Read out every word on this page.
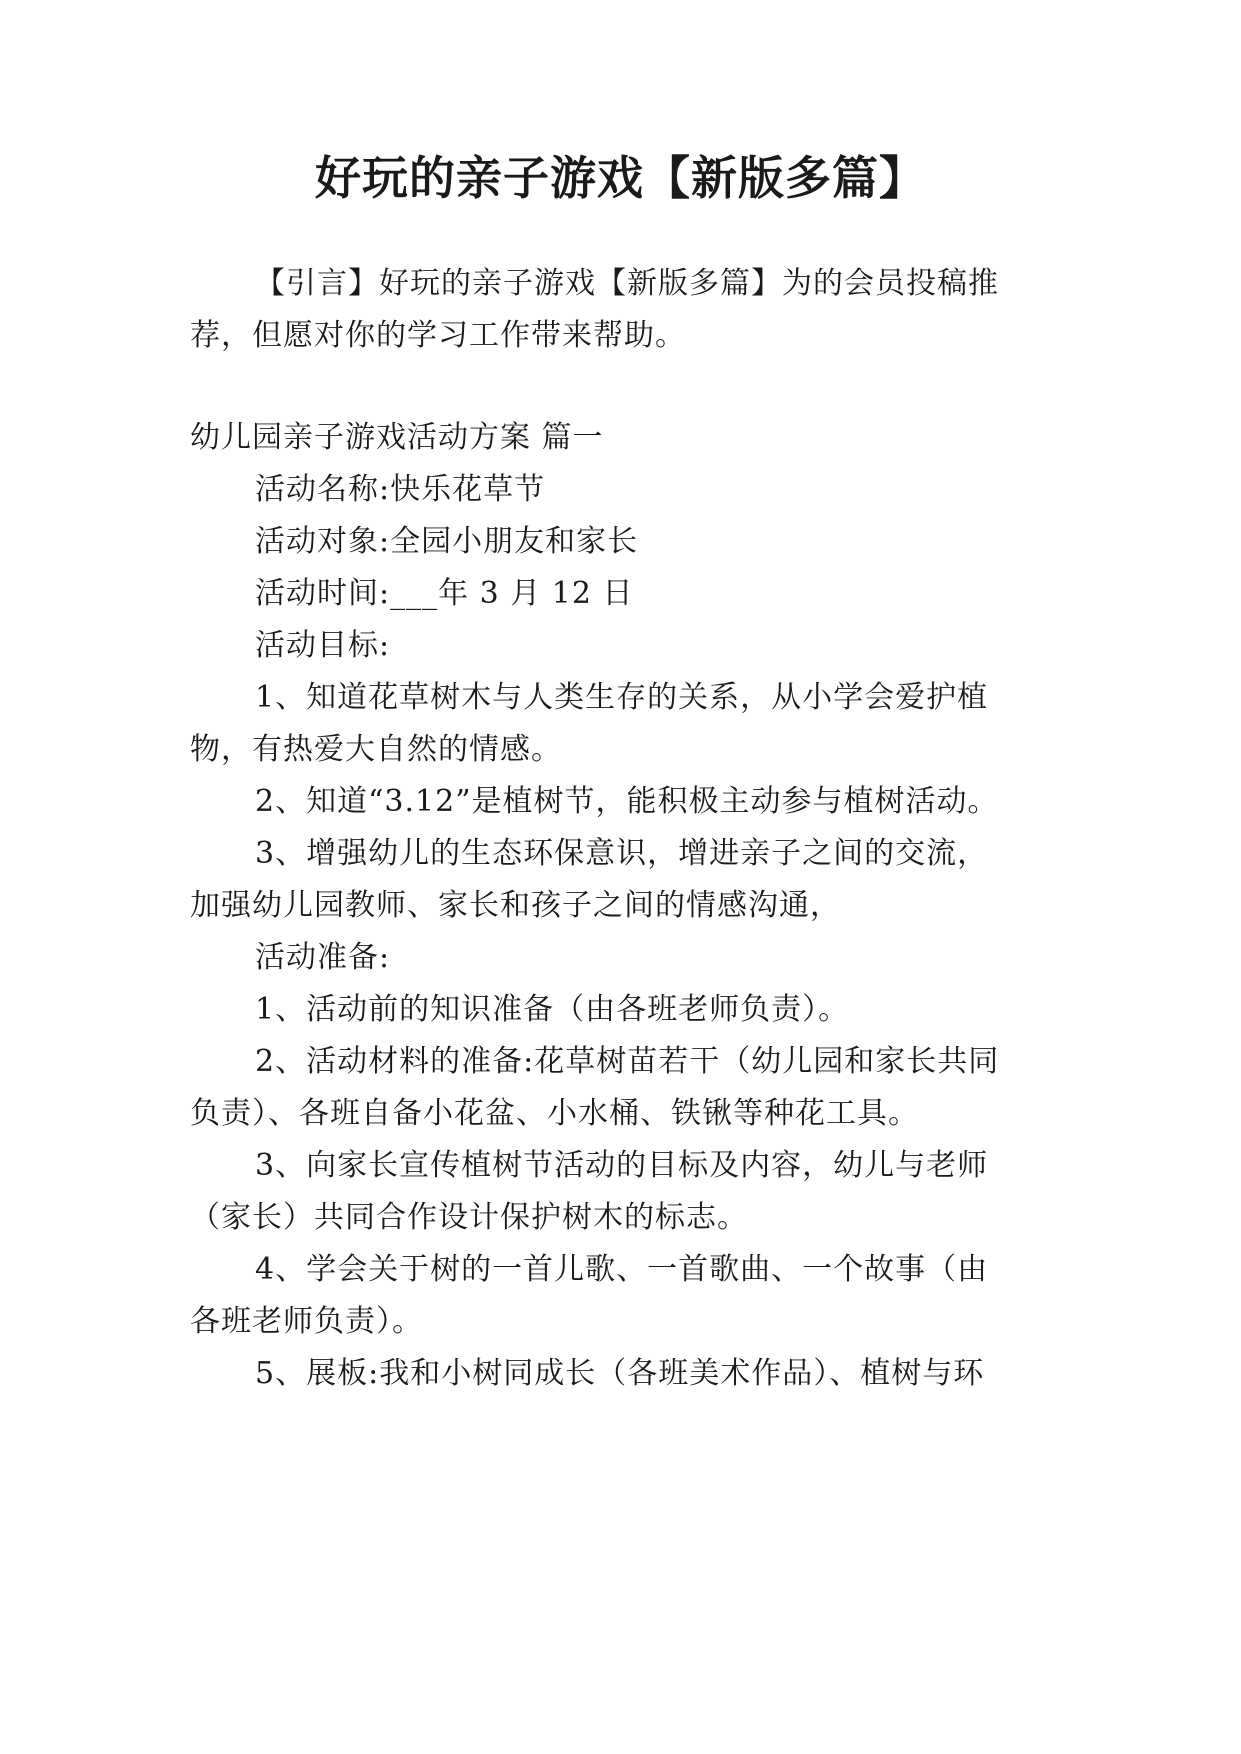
好玩的亲子游戏【新版多篇】
【引言】好玩的亲子游戏【新版多篇】为的会员投稿推
荐，但愿对你的学习工作带来帮助。
幼儿园亲子游戏活动方案 篇一
活动名称:快乐花草节
活动对象:全园小朋友和家长
活动时间:___年 3 月 12 日
活动目标:
1、知道花草树木与人类生存的关系，从小学会爱护植
物，有热爱大自然的情感。
2、知道“3.12”是植树节，能积极主动参与植树活动。
3、增强幼儿的生态环保意识，增进亲子之间的交流，
加强幼儿园教师、家长和孩子之间的情感沟通，
活动准备:
1、活动前的知识准备（由各班老师负责）。
2、活动材料的准备:花草树苗若干（幼儿园和家长共同
负责）、各班自备小花盆、小水桶、铁锹等种花工具。
3、向家长宣传植树节活动的目标及内容，幼儿与老师
（家长）共同合作设计保护树木的标志。
4、学会关于树的一首儿歌、一首歌曲、一个故事（由
各班老师负责）。
5、展板:我和小树同成长（各班美术作品）、植树与环
